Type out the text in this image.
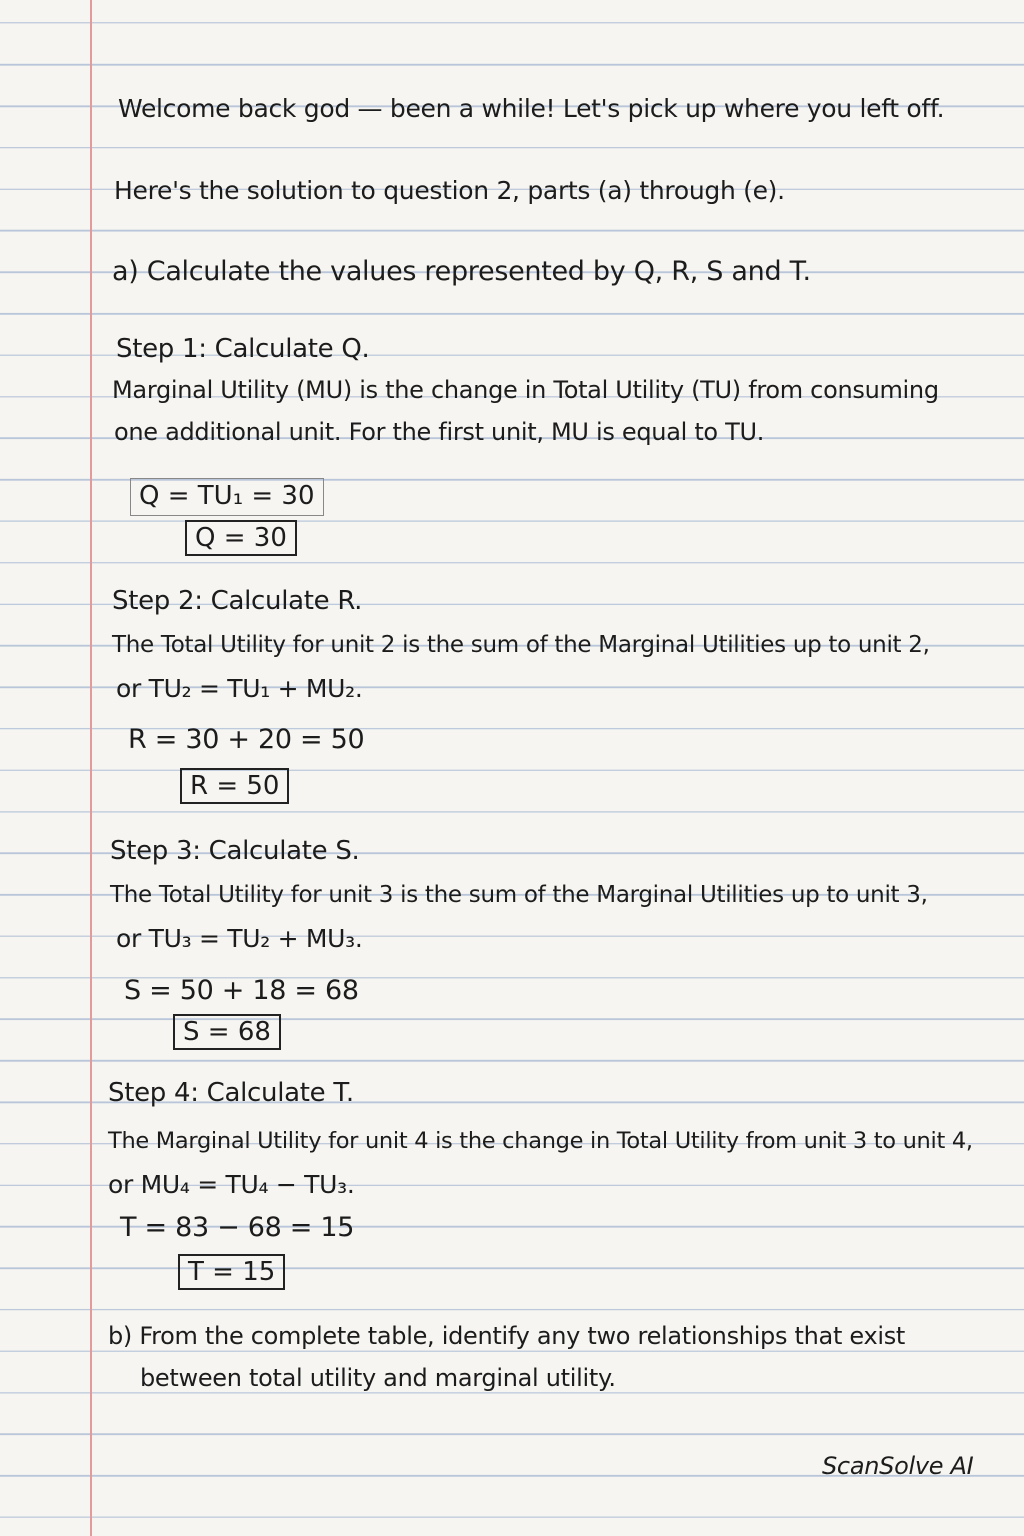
Welcome back god — been a while! Let's pick up where you left off.

Here's the solution to question 2, parts (a) through (e).

a) Calculate the values represented by Q, R, S and T.

Step 1: Calculate Q.

Marginal Utility (MU) is the change in Total Utility (TU) from consuming

one additional unit. For the first unit, MU is equal to TU.

Q = TU₁ = 30
Q = 30

Step 2: Calculate R.

The Total Utility for unit 2 is the sum of the Marginal Utilities up to unit 2,

or TU₂ = TU₁ + MU₂.

R = 30 + 20 = 50

R = 50

Step 3: Calculate S.

The Total Utility for unit 3 is the sum of the Marginal Utilities up to unit 3,

or TU₃ = TU₂ + MU₃.

S = 50 + 18 = 68

S = 68

Step 4: Calculate T.

The Marginal Utility for unit 4 is the change in Total Utility from unit 3 to unit 4,

or MU₄ = TU₄ − TU₃.

T = 83 − 68 = 15

T = 15

b) From the complete table, identify any two relationships that exist

between total utility and marginal utility.

ScanSolve AI
